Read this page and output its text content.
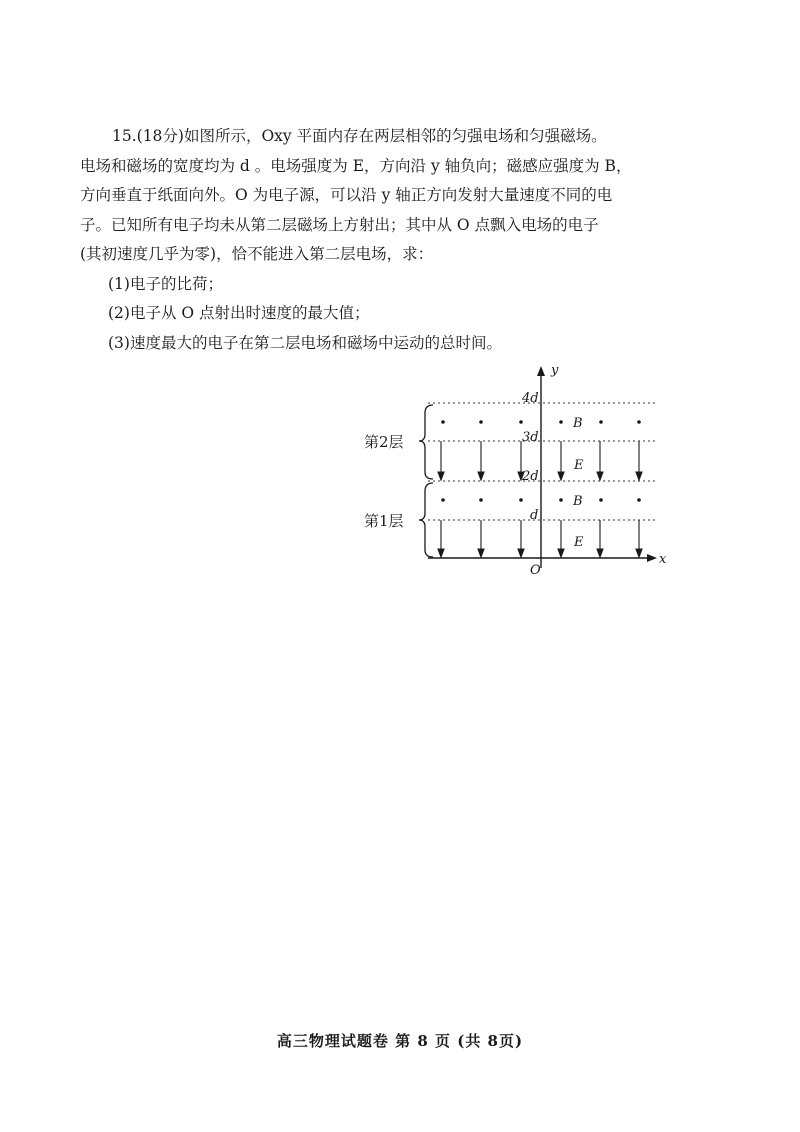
15.(18分)如图所示，Oxy 平面内存在两层相邻的匀强电场和匀强磁场。
电场和磁场的宽度均为 d 。电场强度为 E，方向沿 y 轴负向；磁感应强度为 B，
方向垂直于纸面向外。O 为电子源，可以沿 y 轴正方向发射大量速度不同的电
子。已知所有电子均未从第二层磁场上方射出；其中从 O 点飘入电场的电子
(其初速度几乎为零)，恰不能进入第二层电场，求：
(1)电子的比荷；
(2)电子从 O 点射出时速度的最大值；
(3)速度最大的电子在第二层电场和磁场中运动的总时间。
第2层
第1层
y
x
O
4d
3d
2d
d
B
E
B
E
高三物理试题卷 第 8 页 (共 8页)
